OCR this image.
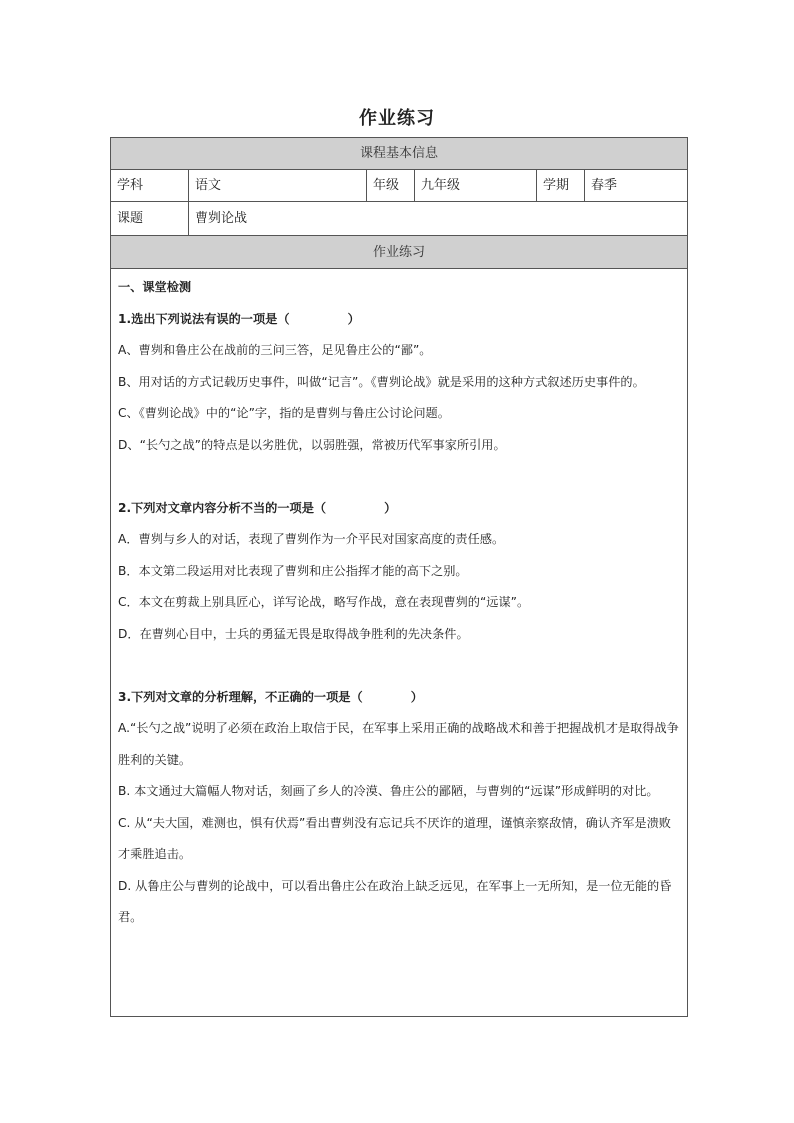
作业练习
课程基本信息
学科	语文	年级	九年级	学期	春季
课题	曹刿论战
作业练习

一、课堂检测

1.选出下列说法有误的一项是（	）

A、曹刿和鲁庄公在战前的三问三答，足见鲁庄公的“鄙”。

B、用对话的方式记载历史事件，叫做“记言”。《曹刿论战》就是采用的这种方式叙述历史事件的。

C、《曹刿论战》中的“论”字，指的是曹刿与鲁庄公讨论问题。

D、“长勺之战”的特点是以劣胜优，以弱胜强，常被历代军事家所引用。

2.下列对文章内容分析不当的一项是（	）

A．曹刿与乡人的对话，表现了曹刿作为一介平民对国家高度的责任感。

B．本文第二段运用对比表现了曹刿和庄公指挥才能的高下之别。

C．本文在剪裁上别具匠心，详写论战，略写作战，意在表现曹刿的“远谋”。

D．在曹刿心目中，士兵的勇猛无畏是取得战争胜利的先决条件。

3.下列对文章的分析理解，不正确的一项是（	）

A.“长勺之战”说明了必须在政治上取信于民，在军事上采用正确的战略战术和善于把握战机才是取得战争胜利的关键。

B. 本文通过大篇幅人物对话，刻画了乡人的冷漠、鲁庄公的鄙陋，与曹刿的“远谋”形成鲜明的对比。

C. 从“夫大国，难测也，惧有伏焉”看出曹刿没有忘记兵不厌诈的道理，谨慎亲察敌情，确认齐军是溃败才乘胜追击。

D. 从鲁庄公与曹刿的论战中，可以看出鲁庄公在政治上缺乏远见，在军事上一无所知，是一位无能的昏君。
